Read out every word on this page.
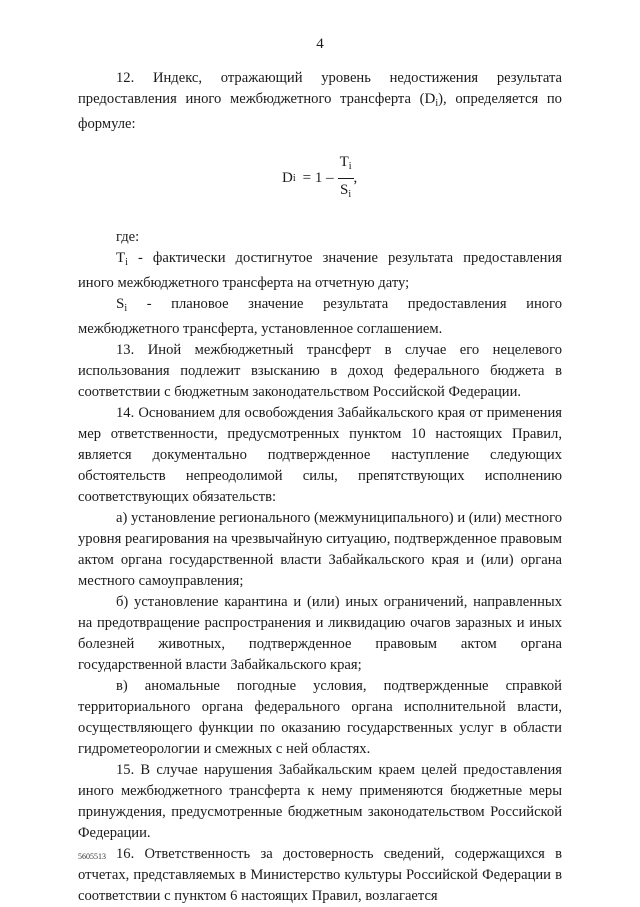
4

12. Индекс, отражающий уровень недостижения результата предоставления иного межбюджетного трансферта $(D_i)$, определяется по формуле:

D $i = 1 - \frac{T_i}{S_i}$ ,

где:

$T_i$ - фактически достигнутое значение результата предоставления иного межбюджетного трансферта на отчетную дату;

$S_i$ - плановое значение результата предоставления иного межбюджетного трансферта, установленное соглашением.

13. Иной межбюджетный трансферт в случае его нецелевого использования подлежит взысканию в доход федерального бюджета в соответствии с бюджетным законодательством Российской Федерации.

14. Основанием для освобождения Забайкальского края от применения мер ответственности, предусмотренных пунктом 10 настоящих Правил, является документально подтвержденное наступление следующих обстоятельств непреодолимой силы, препятствующих исполнению соответствующих обязательств:

а) установление регионального (межмуниципального) и (или) местного уровня реагирования на чрезвычайную ситуацию, подтвержденное правовым актом органа государственной власти Забайкальского края и (или) органа местного самоуправления;

б) установление карантина и (или) иных ограничений, направленных на предотвращение распространения и ликвидацию очагов заразных и иных болезней животных, подтвержденное правовым актом органа государственной власти Забайкальского края;

в) аномальные погодные условия, подтвержденные справкой территориального органа федерального органа исполнительной власти, осуществляющего функции по оказанию государственных услуг в области гидрометеорологии и смежных с ней областях.

15. В случае нарушения Забайкальским краем целей предоставления иного межбюджетного трансферта к нему применяются бюджетные меры принуждения, предусмотренные бюджетным законодательством Российской Федерации.

16. Ответственность за достоверность сведений, содержащихся в отчетах, представляемых в Министерство культуры Российской Федерации в соответствии с пунктом 6 настоящих Правил, возлагается

5605513
